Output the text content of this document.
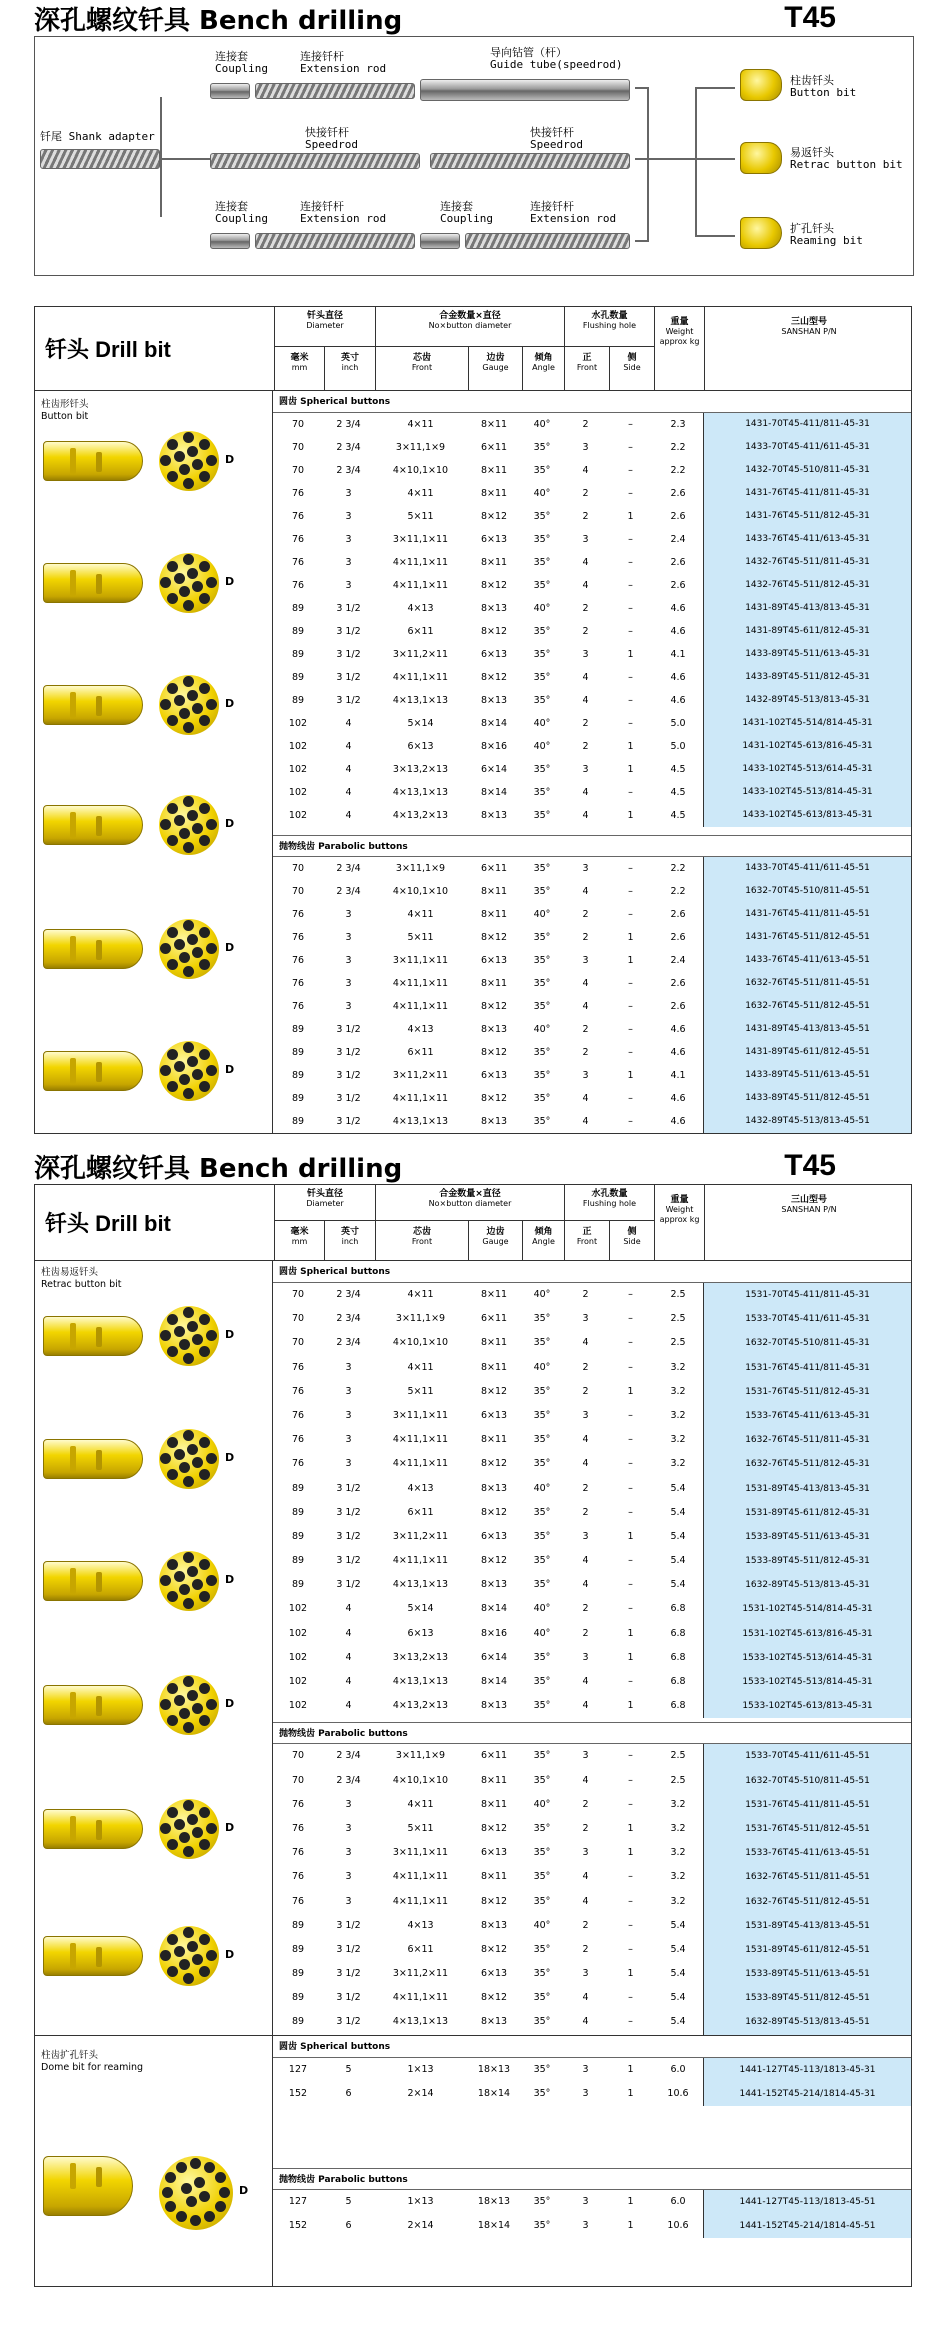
深孔螺纹钎具 Bench drilling	T45
连接套
Coupling
连接钎杆
Extension rod
导向钻管（杆）
Guide tube(speedrod)
钎尾 Shank adapter	快接钎杆
Speedrod
快接钎杆
Speedrod
连接套
Coupling
连接钎杆
Extension rod
连接套
Coupling
连接钎杆
Extension rod
柱齿钎头
Button bit
易返钎头
Retrac button bit
扩孔钎头
Reaming bit
钎头 Drill bit
钎头直径
Diameter
毫米
mm
英寸
inch
合金数量×直径
No×button diameter
芯齿
Front
边齿
Gauge
倾角
Angle
水孔数量
Flushing hole
正
Front
侧
Side
重量
Weight approx kg
三山型号
SANSHAN P/N
柱齿形钎头
Button bit
D
D
D
D
D
D
圆齿 Spherical buttons
70	2 3/4	4×11	8×11	40°	2	–	2.3	1431-70T45-411/811-45-31
70	2 3/4	3×11,1×9	6×11	35°	3	–	2.2	1433-70T45-411/611-45-31
70	2 3/4	4×10,1×10	8×11	35°	4	–	2.2	1432-70T45-510/811-45-31
76	3	4×11	8×11	40°	2	–	2.6	1431-76T45-411/811-45-31
76	3	5×11	8×12	35°	2	1	2.6	1431-76T45-511/812-45-31
76	3	3×11,1×11	6×13	35°	3	–	2.4	1433-76T45-411/613-45-31
76	3	4×11,1×11	8×11	35°	4	–	2.6	1432-76T45-511/811-45-31
76	3	4×11,1×11	8×12	35°	4	–	2.6	1432-76T45-511/812-45-31
89	3 1/2	4×13	8×13	40°	2	–	4.6	1431-89T45-413/813-45-31
89	3 1/2	6×11	8×12	35°	2	–	4.6	1431-89T45-611/812-45-31
89	3 1/2	3×11,2×11	6×13	35°	3	1	4.1	1433-89T45-511/613-45-31
89	3 1/2	4×11,1×11	8×12	35°	4	–	4.6	1433-89T45-511/812-45-31
89	3 1/2	4×13,1×13	8×13	35°	4	–	4.6	1432-89T45-513/813-45-31
102	4	5×14	8×14	40°	2	–	5.0	1431-102T45-514/814-45-31
102	4	6×13	8×16	40°	2	1	5.0	1431-102T45-613/816-45-31
102	4	3×13,2×13	6×14	35°	3	1	4.5	1433-102T45-513/614-45-31
102	4	4×13,1×13	8×14	35°	4	–	4.5	1433-102T45-513/814-45-31
102	4	4×13,2×13	8×13	35°	4	1	4.5	1433-102T45-613/813-45-31
抛物线齿 Parabolic buttons
70	2 3/4	3×11,1×9	6×11	35°	3	–	2.2	1433-70T45-411/611-45-51
70	2 3/4	4×10,1×10	8×11	35°	4	–	2.2	1632-70T45-510/811-45-51
76	3	4×11	8×11	40°	2	–	2.6	1431-76T45-411/811-45-51
76	3	5×11	8×12	35°	2	1	2.6	1431-76T45-511/812-45-51
76	3	3×11,1×11	6×13	35°	3	1	2.4	1433-76T45-411/613-45-51
76	3	4×11,1×11	8×11	35°	4	–	2.6	1632-76T45-511/811-45-51
76	3	4×11,1×11	8×12	35°	4	–	2.6	1632-76T45-511/812-45-51
89	3 1/2	4×13	8×13	40°	2	–	4.6	1431-89T45-413/813-45-51
89	3 1/2	6×11	8×12	35°	2	–	4.6	1431-89T45-611/812-45-51
89	3 1/2	3×11,2×11	6×13	35°	3	1	4.1	1433-89T45-511/613-45-51
89	3 1/2	4×11,1×11	8×12	35°	4	–	4.6	1433-89T45-511/812-45-51
89	3 1/2	4×13,1×13	8×13	35°	4	–	4.6	1432-89T45-513/813-45-51
深孔螺纹钎具 Bench drilling	T45
钎头 Drill bit
钎头直径
Diameter
毫米
mm
英寸
inch
合金数量×直径
No×button diameter
芯齿
Front
边齿
Gauge
倾角
Angle
水孔数量
Flushing hole
正
Front
侧
Side
重量
Weight approx kg
三山型号
SANSHAN P/N
柱齿易返钎头
Retrac button bit
D
D
D
D
D
D
圆齿 Spherical buttons
70	2 3/4	4×11	8×11	40°	2	–	2.5	1531-70T45-411/811-45-31
70	2 3/4	3×11,1×9	6×11	35°	3	–	2.5	1533-70T45-411/611-45-31
70	2 3/4	4×10,1×10	8×11	35°	4	–	2.5	1632-70T45-510/811-45-31
76	3	4×11	8×11	40°	2	–	3.2	1531-76T45-411/811-45-31
76	3	5×11	8×12	35°	2	1	3.2	1531-76T45-511/812-45-31
76	3	3×11,1×11	6×13	35°	3	–	3.2	1533-76T45-411/613-45-31
76	3	4×11,1×11	8×11	35°	4	–	3.2	1632-76T45-511/811-45-31
76	3	4×11,1×11	8×12	35°	4	–	3.2	1632-76T45-511/812-45-31
89	3 1/2	4×13	8×13	40°	2	–	5.4	1531-89T45-413/813-45-31
89	3 1/2	6×11	8×12	35°	2	–	5.4	1531-89T45-611/812-45-31
89	3 1/2	3×11,2×11	6×13	35°	3	1	5.4	1533-89T45-511/613-45-31
89	3 1/2	4×11,1×11	8×12	35°	4	–	5.4	1533-89T45-511/812-45-31
89	3 1/2	4×13,1×13	8×13	35°	4	–	5.4	1632-89T45-513/813-45-31
102	4	5×14	8×14	40°	2	–	6.8	1531-102T45-514/814-45-31
102	4	6×13	8×16	40°	2	1	6.8	1531-102T45-613/816-45-31
102	4	3×13,2×13	6×14	35°	3	1	6.8	1533-102T45-513/614-45-31
102	4	4×13,1×13	8×14	35°	4	–	6.8	1533-102T45-513/814-45-31
102	4	4×13,2×13	8×13	35°	4	1	6.8	1533-102T45-613/813-45-31
抛物线齿 Parabolic buttons
70	2 3/4	3×11,1×9	6×11	35°	3	–	2.5	1533-70T45-411/611-45-51
70	2 3/4	4×10,1×10	8×11	35°	4	–	2.5	1632-70T45-510/811-45-51
76	3	4×11	8×11	40°	2	–	3.2	1531-76T45-411/811-45-51
76	3	5×11	8×12	35°	2	1	3.2	1531-76T45-511/812-45-51
76	3	3×11,1×11	6×13	35°	3	1	3.2	1533-76T45-411/613-45-51
76	3	4×11,1×11	8×11	35°	4	–	3.2	1632-76T45-511/811-45-51
76	3	4×11,1×11	8×12	35°	4	–	3.2	1632-76T45-511/812-45-51
89	3 1/2	4×13	8×13	40°	2	–	5.4	1531-89T45-413/813-45-51
89	3 1/2	6×11	8×12	35°	2	–	5.4	1531-89T45-611/812-45-51
89	3 1/2	3×11,2×11	6×13	35°	3	1	5.4	1533-89T45-511/613-45-51
89	3 1/2	4×11,1×11	8×12	35°	4	–	5.4	1533-89T45-511/812-45-51
89	3 1/2	4×13,1×13	8×13	35°	4	–	5.4	1632-89T45-513/813-45-51
柱齿扩孔钎头
Dome bit for reaming
D
圆齿 Spherical buttons
127	5	1×13	18×13	35°	3	1	6.0	1441-127T45-113/1813-45-31
152	6	2×14	18×14	35°	3	1	10.6	1441-152T45-214/1814-45-31
抛物线齿 Parabolic buttons
127	5	1×13	18×13	35°	3	1	6.0	1441-127T45-113/1813-45-51
152	6	2×14	18×14	35°	3	1	10.6	1441-152T45-214/1814-45-51
